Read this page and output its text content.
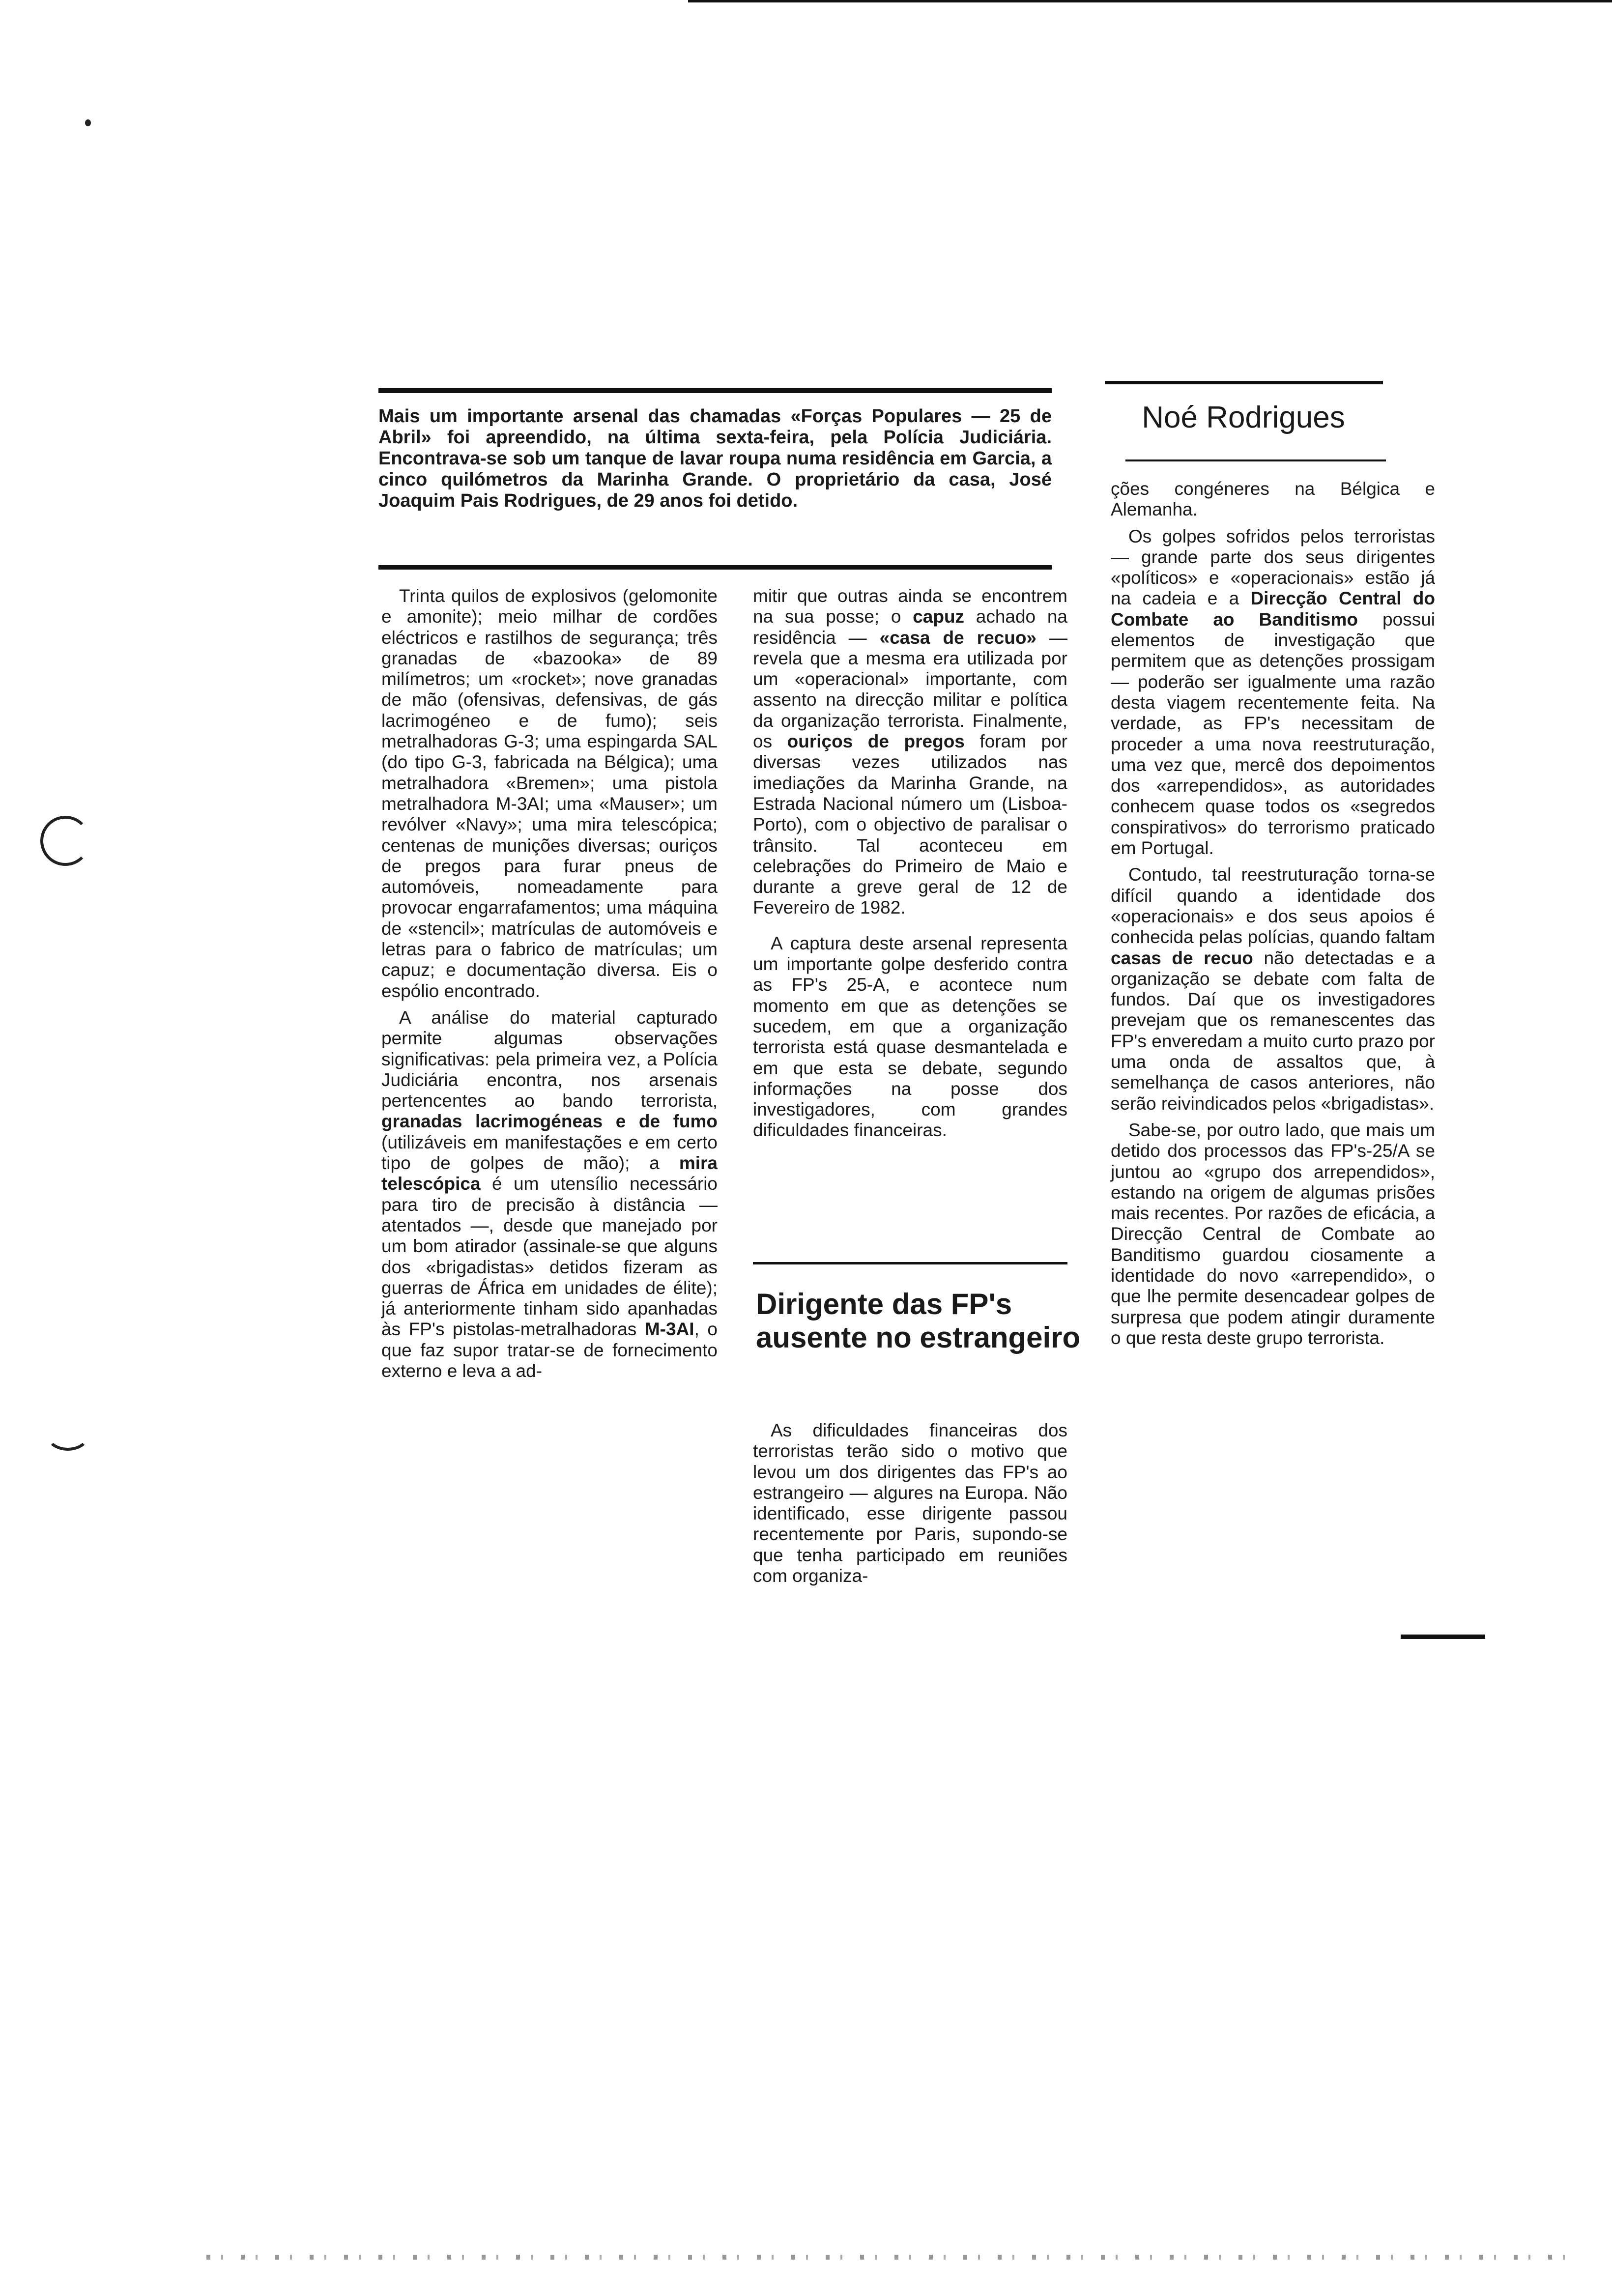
Mais um importante arsenal das chamadas «Forças Populares — 25 de Abril» foi apreendido, na última sexta-feira, pela Polícia Judiciária. Encontrava-se sob um tanque de lavar roupa numa residência em Garcia, a cinco quilómetros da Marinha Grande. O proprietário da casa, José Joaquim Pais Rodrigues, de 29 anos foi detido.
Noé Rodrigues

Trinta quilos de explosivos (gelomonite e amonite); meio milhar de cordões eléctricos e rastilhos de segurança; três granadas de «bazooka» de 89 milímetros; um «rocket»; nove granadas de mão (ofensivas, defensivas, de gás lacrimogéneo e de fumo); seis metralhadoras G-3; uma espingarda SAL (do tipo G-3, fabricada na Bélgica); uma metralhadora «Bremen»; uma pistola metralhadora M-3AI; uma «Mauser»; um revólver «Navy»; uma mira telescópica; centenas de munições diversas; ouriços de pregos para furar pneus de automóveis, nomeadamente para provocar engarrafamentos; uma máquina de «stencil»; matrículas de automóveis e letras para o fabrico de matrículas; um capuz; e documentação diversa. Eis o espólio encontrado.

A análise do material capturado permite algumas observações significativas: pela primeira vez, a Polícia Judiciária encontra, nos arsenais pertencentes ao bando terrorista, granadas lacrimogéneas e de fumo (utilizáveis em manifestações e em certo tipo de golpes de mão); a mira telescópica é um utensílio necessário para tiro de precisão à distância — atentados —, desde que manejado por um bom atirador (assinale-se que alguns dos «brigadistas» detidos fizeram as guerras de África em unidades de élite); já anteriormente tinham sido apanhadas às FP's pistolas-metralhadoras M-3AI, o que faz supor tratar-se de fornecimento externo e leva a ad-

mitir que outras ainda se encontrem na sua posse; o capuz achado na residência — «casa de recuo» — revela que a mesma era utilizada por um «operacional» importante, com assento na direcção militar e política da organização terrorista. Finalmente, os ouriços de pregos foram por diversas vezes utilizados nas imediações da Marinha Grande, na Estrada Nacional número um (Lisboa-Porto), com o objectivo de paralisar o trânsito. Tal aconteceu em celebrações do Primeiro de Maio e durante a greve geral de 12 de Fevereiro de 1982.

A captura deste arsenal representa um importante golpe desferido contra as FP's 25-A, e acontece num momento em que as detenções se sucedem, em que a organização terrorista está quase desmantelada e em que esta se debate, segundo informações na posse dos investigadores, com grandes dificuldades financeiras.

Dirigente das FP's ausente no estrangeiro

As dificuldades financeiras dos terroristas terão sido o motivo que levou um dos dirigentes das FP's ao estrangeiro — algures na Europa. Não identificado, esse dirigente passou recentemente por Paris, supondo-se que tenha participado em reuniões com organiza-

ções congéneres na Bélgica e Alemanha.

Os golpes sofridos pelos terroristas — grande parte dos seus dirigentes «políticos» e «operacionais» estão já na cadeia e a Direcção Central do Combate ao Banditismo possui elementos de investigação que permitem que as detenções prossigam — poderão ser igualmente uma razão desta viagem recentemente feita. Na verdade, as FP's necessitam de proceder a uma nova reestruturação, uma vez que, mercê dos depoimentos dos «arrependidos», as autoridades conhecem quase todos os «segredos conspirativos» do terrorismo praticado em Portugal.

Contudo, tal reestruturação torna-se difícil quando a identidade dos «operacionais» e dos seus apoios é conhecida pelas polícias, quando faltam casas de recuo não detectadas e a organização se debate com falta de fundos. Daí que os investigadores prevejam que os remanescentes das FP's enveredam a muito curto prazo por uma onda de assaltos que, à semelhança de casos anteriores, não serão reivindicados pelos «brigadistas».

Sabe-se, por outro lado, que mais um detido dos processos das FP's-25/A se juntou ao «grupo dos arrependidos», estando na origem de algumas prisões mais recentes. Por razões de eficácia, a Direcção Central de Combate ao Banditismo guardou ciosamente a identidade do novo «arrependido», o que lhe permite desencadear golpes de surpresa que podem atingir duramente o que resta deste grupo terrorista.
